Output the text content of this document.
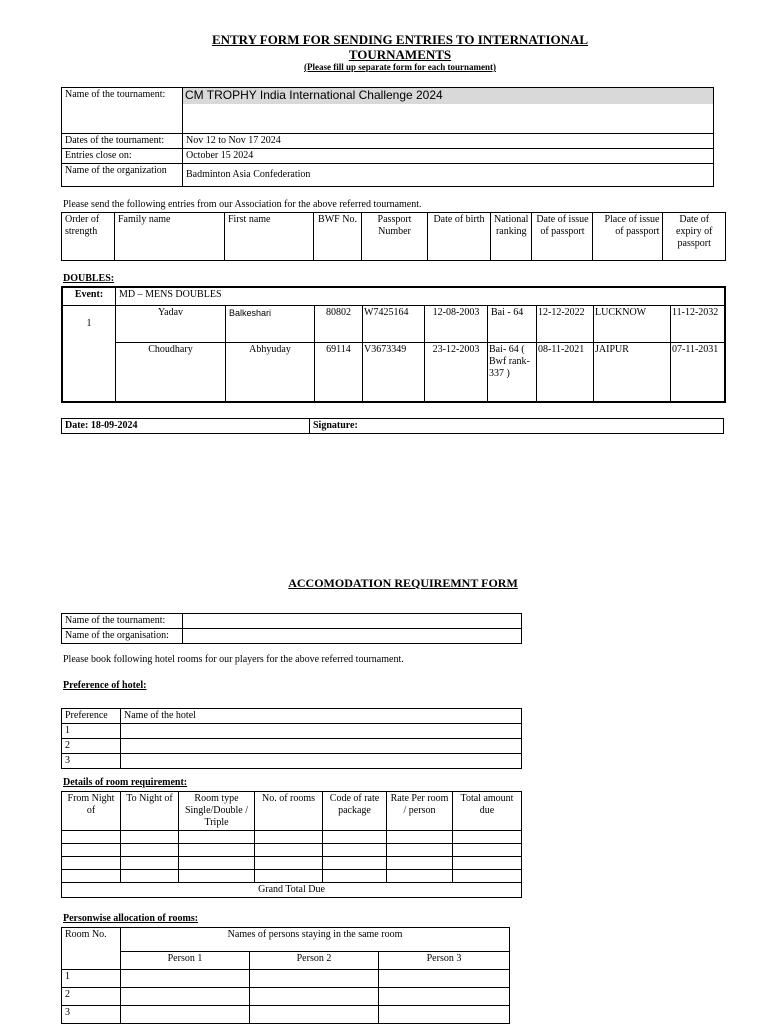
ENTRY FORM FOR SENDING ENTRIES TO INTERNATIONAL
TOURNAMENTS
(Please fill up separate form for each tournament)
Name of the tournament:	CM TROPHY India International Challenge 2024

Dates of the tournament:	Nov 12 to Nov 17 2024
Entries close on:	October 15 2024
Name of the organization	Badminton Asia Confederation
Please send the following entries from our Association for the above referred tournament.
Order of strength	Family name	First name	BWF No.	Passport Number	Date of birth	National ranking	Date of issue of passport	Place of issue of passport	Date of expiry of passport
DOUBLES:
Event:	MD – MENS DOUBLES								
1	Yadav	Balkeshari	80802	W7425164	12-08-2003	Bai - 64	12-12-2022	LUCKNOW	11-12-2032
	Choudhary	Abhyuday	69114	V3673349	23-12-2003	Bai- 64 ( Bwf rank- 337 )	08-11-2021	JAIPUR	07-11-2031
Date: 18-09-2024	Signature:
ACCOMODATION REQUIREMNT FORM
Name of the tournament:	
Name of the organisation:	
Please book following hotel rooms for our players for the above referred tournament.
Preference of hotel:
Preference	Name of the hotel
1	
2	
3	
Details of room requirement:
From Night of	To Night of	Room type Single/Double / Triple	No. of rooms	Code of rate package	Rate Per room / person	Total amount due

Grand Total Due						
Personwise allocation of rooms:
Room No.	Names of persons staying in the same room		
	Person 1	Person 2	Person 3
1			
2			
3			
